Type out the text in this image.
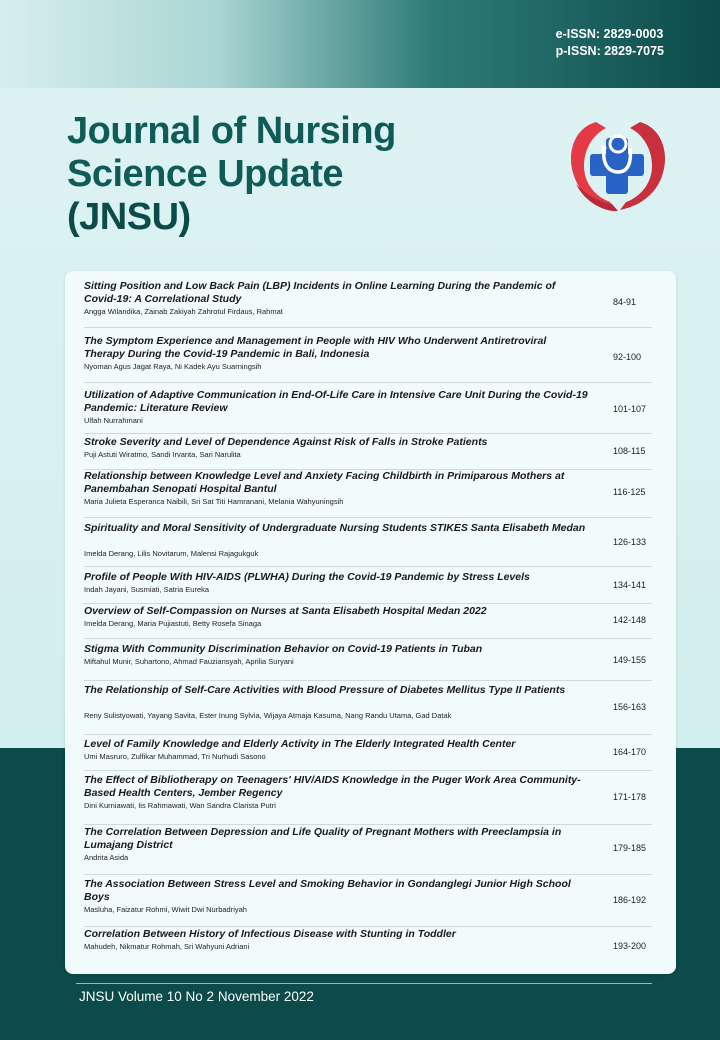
e-ISSN: 2829-0003
p-ISSN: 2829-7075
Journal of Nursing
Science Update
(JNSU)
Sitting Position and Low Back Pain (LBP) Incidents in Online Learning During the Pandemic of Covid-19: A Correlational Study
Angga Wilandika, Zainab Zakiyah Zahrotul Firdaus, Rahmat
84-91
The Symptom Experience and Management in People with HIV Who Underwent Antiretroviral Therapy During the Covid-19 Pandemic in Bali, Indonesia
Nyoman Agus Jagat Raya, Ni Kadek Ayu Suarningsih
92-100
Utilization of Adaptive Communication in End-Of-Life Care in Intensive Care Unit During the Covid-19 Pandemic: Literature Review
Ulfah Nurrahmani
101-107
Stroke Severity and Level of Dependence Against Risk of Falls in Stroke Patients
Puji Astuti Wiratmo, Sandi Irvanta, Sari Narulita	108-115
Relationship between Knowledge Level and Anxiety Facing Childbirth in Primiparous Mothers at Panembahan Senopati Hospital Bantul
Maria Julieta Esperanca Naibili, Sri Sat Titi Hamranani, Melania Wahyuningsih
116-125
Spirituality and Moral Sensitivity of Undergraduate Nursing Students STIKES Santa Elisabeth Medan
Imelda Derang, Lilis Novitarum, Malensi Rajagukguk
126-133
Profile of People With HIV-AIDS (PLWHA) During the Covid-19 Pandemic by Stress Levels
Indah Jayani, Susmiati, Satria Eureka	134-141
Overview of Self-Compassion on Nurses at Santa Elisabeth Hospital Medan 2022
Imelda Derang, Maria Pujiastuti, Betty Rosefa Sinaga	142-148
Stigma With Community Discrimination Behavior on Covid-19 Patients in Tuban
Miftahul Munir, Suhartono, Ahmad Fauziansyah, Aprilia Suryani	149-155
The Relationship of Self-Care Activities with Blood Pressure of Diabetes Mellitus Type II Patients
Reny Sulistyowati, Yayang Savita, Ester Inung Sylvia, Wijaya Atmaja Kasuma, Nang Randu Utama, Gad Datak
156-163
Level of Family Knowledge and Elderly Activity in The Elderly Integrated Health Center
Umi Masruro, Zulfikar Muhammad, Tri Nurhudi Sasono	164-170
The Effect of Bibliotherapy on Teenagers' HIV/AIDS Knowledge in the Puger Work Area Community-Based Health Centers, Jember Regency
Dini Kurniawati, Iis Rahmawati, Wan Sandra Clarista Putri
171-178
The Correlation Between Depression and Life Quality of Pregnant Mothers with Preeclampsia in Lumajang District
Andrita Asida
179-185
The Association Between Stress Level and Smoking Behavior in Gondanglegi Junior High School Boys
Masluha, Faizatur Rohmi, Wiwit Dwi Nurbadriyah
186-192
Correlation Between History of Infectious Disease with Stunting in Toddler
Mahudeh, Nikmatur Rohmah, Sri Wahyuni Adriani	193-200
JNSU Volume 10 No 2 November 2022
